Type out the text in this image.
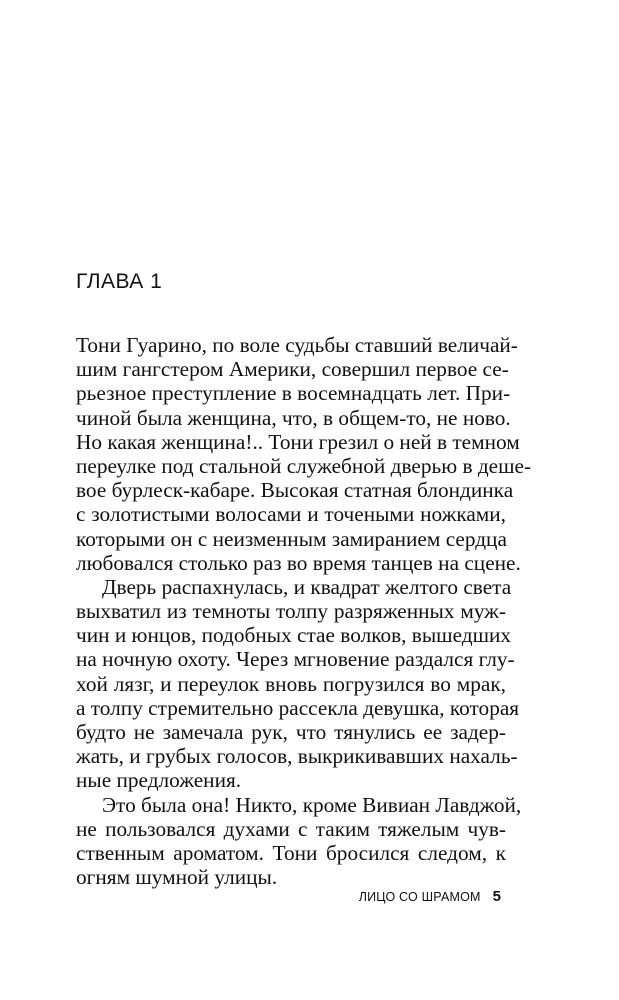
ГЛАВА 1
Тони Гуарино, по воле судьбы ставший величай-
шим гангстером Америки, совершил первое се-
рьезное преступление в восемнадцать лет. При-
чиной была женщина, что, в общем-то, не ново.
Но какая женщина!.. Тони грезил о ней в темном
переулке под стальной служебной дверью в деше-
вое бурлеск-кабаре. Высокая статная блондинка
с золотистыми волосами и точеными ножками,
которыми он с неизменным замиранием сердца
любовался столько раз во время танцев на сцене.
Дверь распахнулась, и квадрат желтого света
выхватил из темноты толпу разряженных муж-
чин и юнцов, подобных стае волков, вышедших
на ночную охоту. Через мгновение раздался глу-
хой лязг, и переулок вновь погрузился во мрак,
а толпу стремительно рассекла девушка, которая
будто не замечала рук, что тянулись ее задер-
жать, и грубых голосов, выкрикивавших нахаль-
ные предложения.
Это была она! Никто, кроме Вивиан Лавджой,
не пользовался духами с таким тяжелым чув-
ственным ароматом. Тони бросился следом, к
огням шумной улицы.
ЛИЦО СО ШРАМОМ 5
